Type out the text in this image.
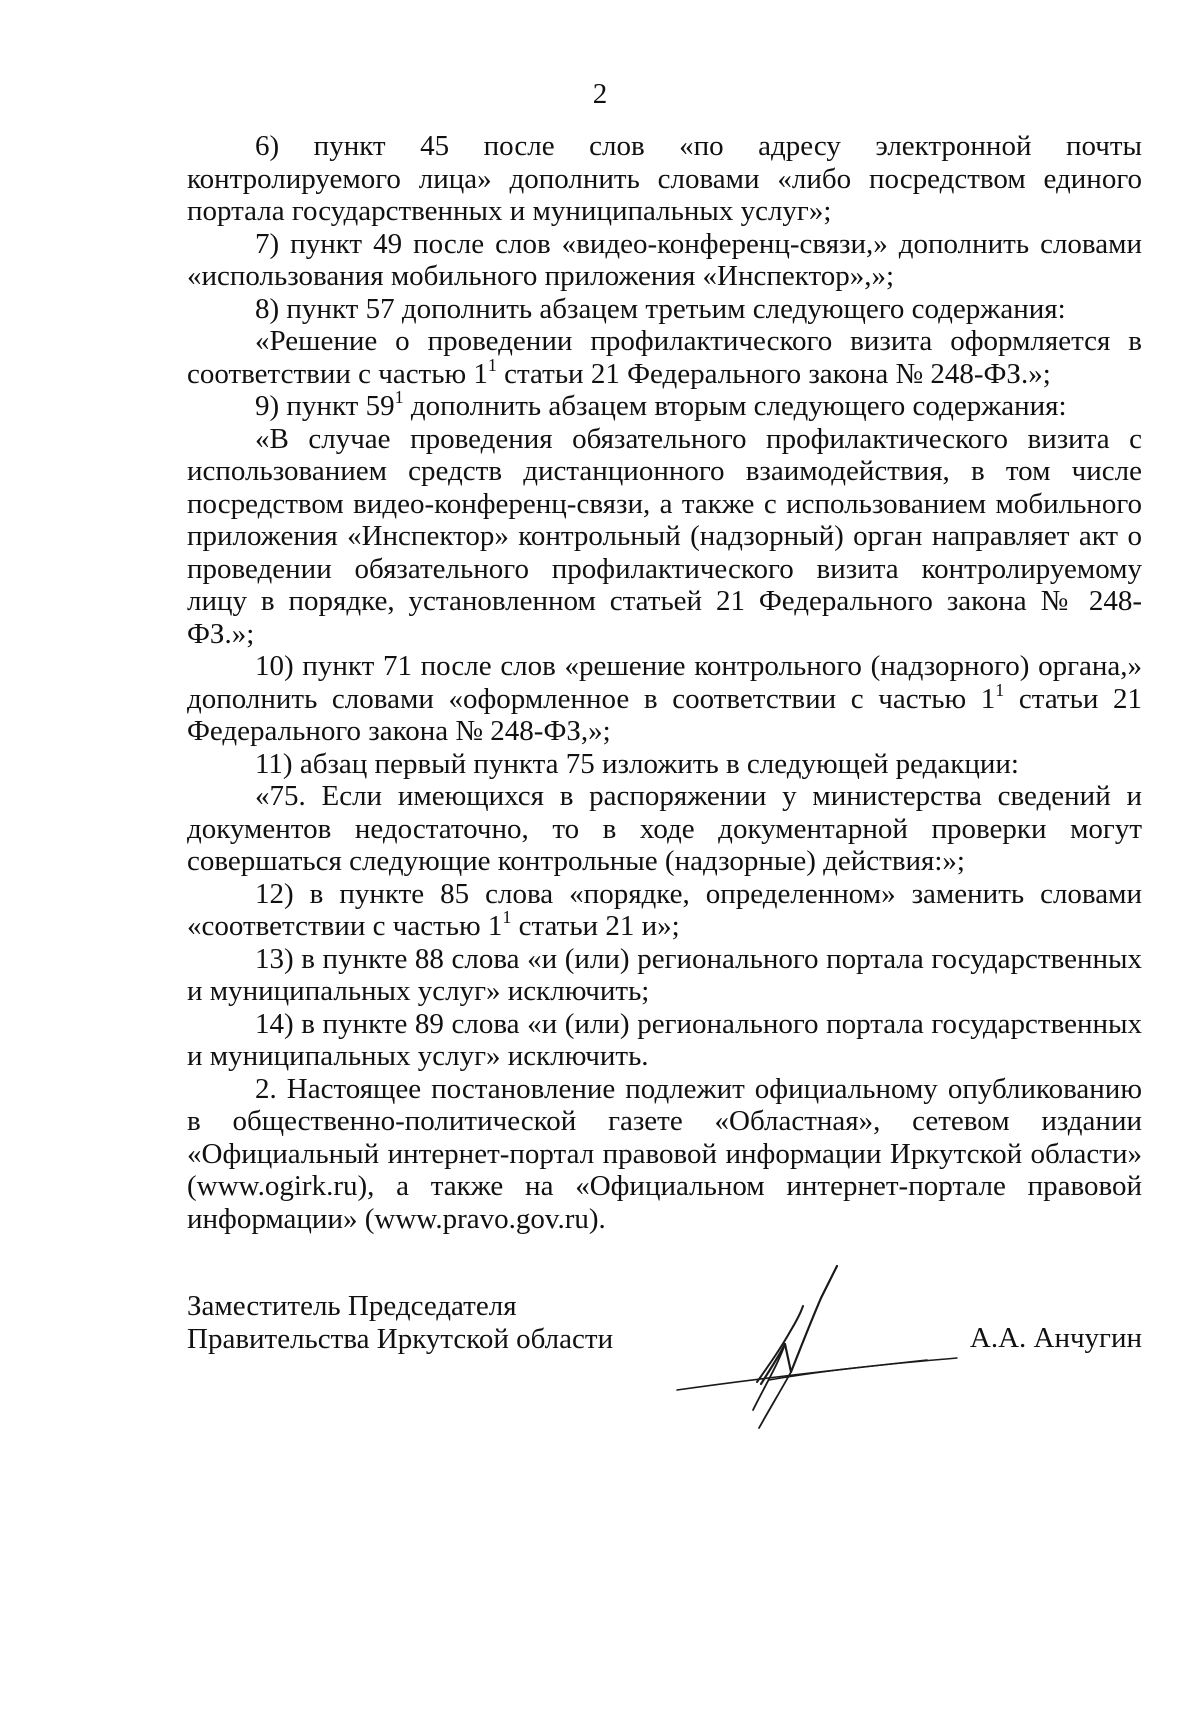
2

6) пункт 45 после слов «по адресу электронной почты контролируемого лица» дополнить словами «либо посредством единого портала государственных и муниципальных услуг»;

7) пункт 49 после слов «видео-конференц-связи,» дополнить словами «использования мобильного приложения «Инспектор»,»;

8) пункт 57 дополнить абзацем третьим следующего содержания:

«Решение о проведении профилактического визита оформляется в соответствии с частью $1^1$ статьи 21 Федерального закона № 248-ФЗ.»;

9) пункт $59^1$ дополнить абзацем вторым следующего содержания:

«В случае проведения обязательного профилактического визита с использованием средств дистанционного взаимодействия, в том числе посредством видео-конференц-связи, а также с использованием мобильного приложения «Инспектор» контрольный (надзорный) орган направляет акт о проведении обязательного профилактического визита контролируемому лицу в порядке, установленном статьей 21 Федерального закона № 248-ФЗ.»;

10) пункт 71 после слов «решение контрольного (надзорного) органа,» дополнить словами «оформленное в соответствии с частью $1^1$ статьи 21 Федерального закона № 248-ФЗ,»;

11) абзац первый пункта 75 изложить в следующей редакции:

«75. Если имеющихся в распоряжении у министерства сведений и документов недостаточно, то в ходе документарной проверки могут совершаться следующие контрольные (надзорные) действия:»;

12) в пункте 85 слова «порядке, определенном» заменить словами «соответствии с частью $1^1$ статьи 21 и»;

13) в пункте 88 слова «и (или) регионального портала государственных и муниципальных услуг» исключить;

14) в пункте 89 слова «и (или) регионального портала государственных и муниципальных услуг» исключить.

2. Настоящее постановление подлежит официальному опубликованию в общественно-политической газете «Областная», сетевом издании «Официальный интернет-портал правовой информации Иркутской области» (www.ogirk.ru), а также на «Официальном интернет-портале правовой информации» (www.pravo.gov.ru).

Заместитель Председателя
Правительства Иркутской области	А.А. Анчугин
